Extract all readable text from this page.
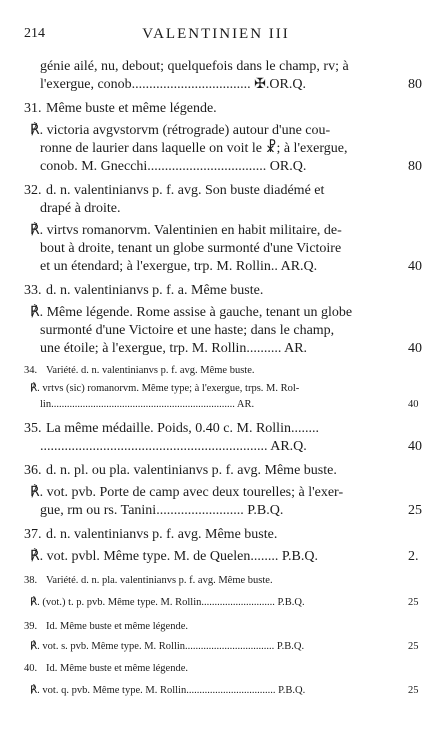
214	VALENTINIEN III
génie ailé, nu, debout; quelquefois dans le champ, rv; à
l'exergue, conob.................................. ✠.OR.Q.	80
31. Même buste et même légende.
℟. victoria avgvstorvm (rétrograde) autour d'une cou-
ronne de laurier dans laquelle on voit le ☧; à l'exergue,
conob. M. Gnecchi.................................. OR.Q.	80
32. d. n. valentinianvs p. f. avg. Son buste diadémé et
drapé à droite.
℟. virtvs romanorvm. Valentinien en habit militaire, de-
bout à droite, tenant un globe surmonté d'une Victoire
et un étendard; à l'exergue, trp. M. Rollin.. AR.Q.	40
33. d. n. valentinianvs p. f. a. Même buste.
℟. Même légende. Rome assise à gauche, tenant un globe
surmonté d'une Victoire et une haste; dans le champ,
une étoile; à l'exergue, trp. M. Rollin.......... AR.	40
34. Variété. d. n. valentinianvs p. f. avg. Même buste.
℟. vrtvs (sic) romanorvm. Même type; à l'exergue, trps. M. Rol-
lin...................................................................... AR.	40
35. La même médaille. Poids, 0.40 c. M. Rollin........
................................................................. AR.Q.	40
36. d. n. pl. ou pla. valentinianvs p. f. avg. Même buste.
℟. vot. pvb. Porte de camp avec deux tourelles; à l'exer-
gue, rm ou rs. Tanini......................... P.B.Q.	25
37. d. n. valentinianvs p. f. avg. Même buste.
℟. vot. pvbl. Même type. M. de Quelen........ P.B.Q.	2.
38. Variété. d. n. pla. valentinianvs p. f. avg. Même buste.
℟. (vot.) t. p. pvb. Même type. M. Rollin............................ P.B.Q.	25
39. Id. Même buste et même légende.
℟. vot. s. pvb. Même type. M. Rollin.................................. P.B.Q.	25
40. Id. Même buste et même légende.
℟. vot. q. pvb. Même type. M. Rollin.................................. P.B.Q.	25
